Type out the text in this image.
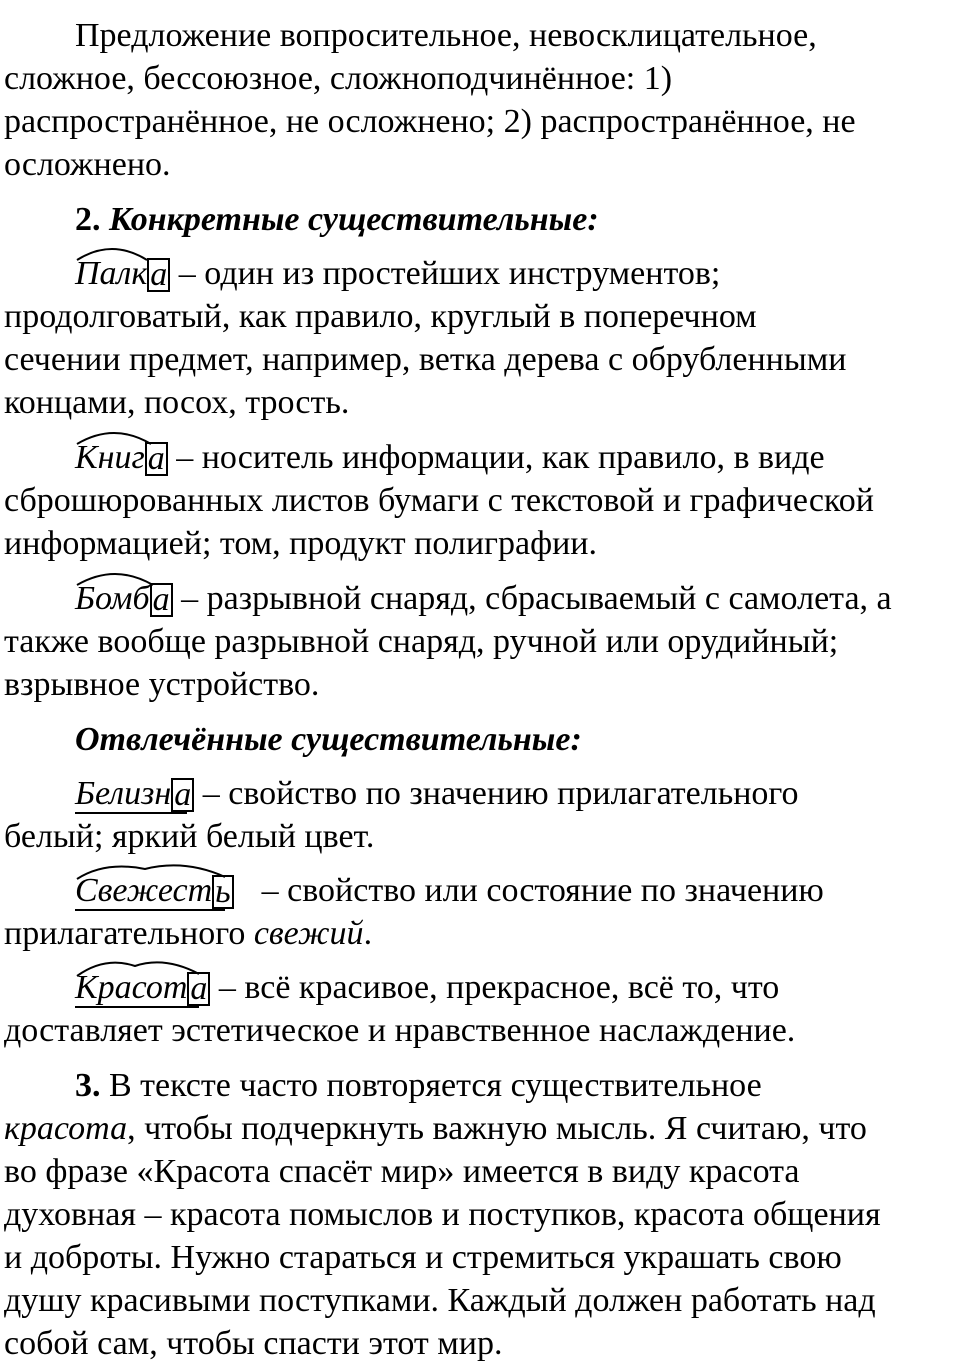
Предложение вопросительное, невосклицательное,
сложное, бессоюзное, сложноподчинённое: 1)
распространённое, не осложнено; 2) распространённое, не
осложнено.
2. Конкретные существительные:
Палка – один из простейших инструментов;
продолговатый, как правило, круглый в поперечном
сечении предмет, например, ветка дерева с обрубленными
концами, посох, трость.
Книга – носитель информации, как правило, в виде
сброшюрованных листов бумаги с текстовой и графической
информацией; том, продукт полиграфии.
Бомба – разрывной снаряд, сбрасываемый с самолета, а
также вообще разрывной снаряд, ручной или орудийный;
взрывное устройство.
Отвлечённые существительные:
Белизна
– свойство по значению прилагательного
белый; яркий белый цвет.
Свежесть – свойство или состояние по значению
прилагательного свежий.
Красота
– всё красивое, прекрасное, всё то, что
доставляет эстетическое и нравственное наслаждение.
3. В тексте часто повторяется существительное
красота, чтобы подчеркнуть важную мысль. Я считаю, что
во фразе «Красота спасёт мир» имеется в виду красота
духовная – красота помыслов и поступков, красота общения
и доброты. Нужно стараться и стремиться украшать свою
душу красивыми поступками. Каждый должен работать над
собой сам, чтобы спасти этот мир.
